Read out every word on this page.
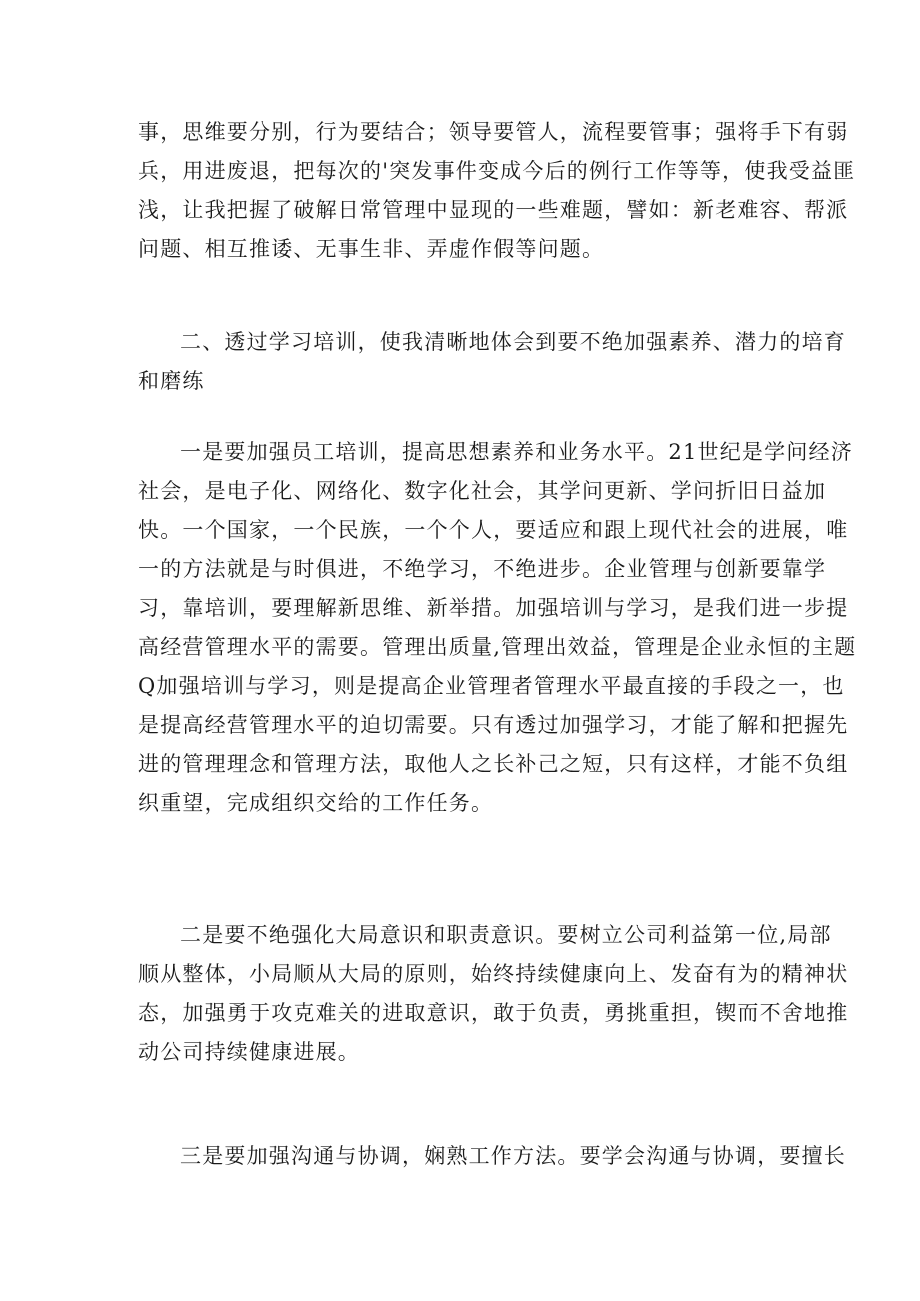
事，思维要分别，行为要结合；领导要管人，流程要管事；强将手下有弱
兵，用进废退，把每次的'突发事件变成今后的例行工作等等，使我受益匪
浅，让我把握了破解日常管理中显现的一些难题，譬如：新老难容、帮派
问题、相互推诿、无事生非、弄虚作假等问题。
二、透过学习培训，使我清晰地体会到要不绝加强素养、潜力的培育
和磨练
一是要加强员工培训，提高思想素养和业务水平。21世纪是学问经济
社会，是电子化、网络化、数字化社会，其学问更新、学问折旧日益加
快。一个国家，一个民族，一个个人，要适应和跟上现代社会的进展，唯
一的方法就是与时俱进，不绝学习，不绝进步。企业管理与创新要靠学
习，靠培训，要理解新思维、新举措。加强培训与学习，是我们进一步提
高经营管理水平的需要。管理出质量,管理出效益，管理是企业永恒的主题
Q加强培训与学习，则是提高企业管理者管理水平最直接的手段之一，也
是提高经营管理水平的迫切需要。只有透过加强学习，才能了解和把握先
进的管理理念和管理方法，取他人之长补己之短，只有这样，才能不负组
织重望，完成组织交给的工作任务。
二是要不绝强化大局意识和职责意识。要树立公司利益第一位,局部
顺从整体，小局顺从大局的原则，始终持续健康向上、发奋有为的精神状
态，加强勇于攻克难关的进取意识，敢于负责，勇挑重担，锲而不舍地推
动公司持续健康进展。
三是要加强沟通与协调，娴熟工作方法。要学会沟通与协调，要擅长
